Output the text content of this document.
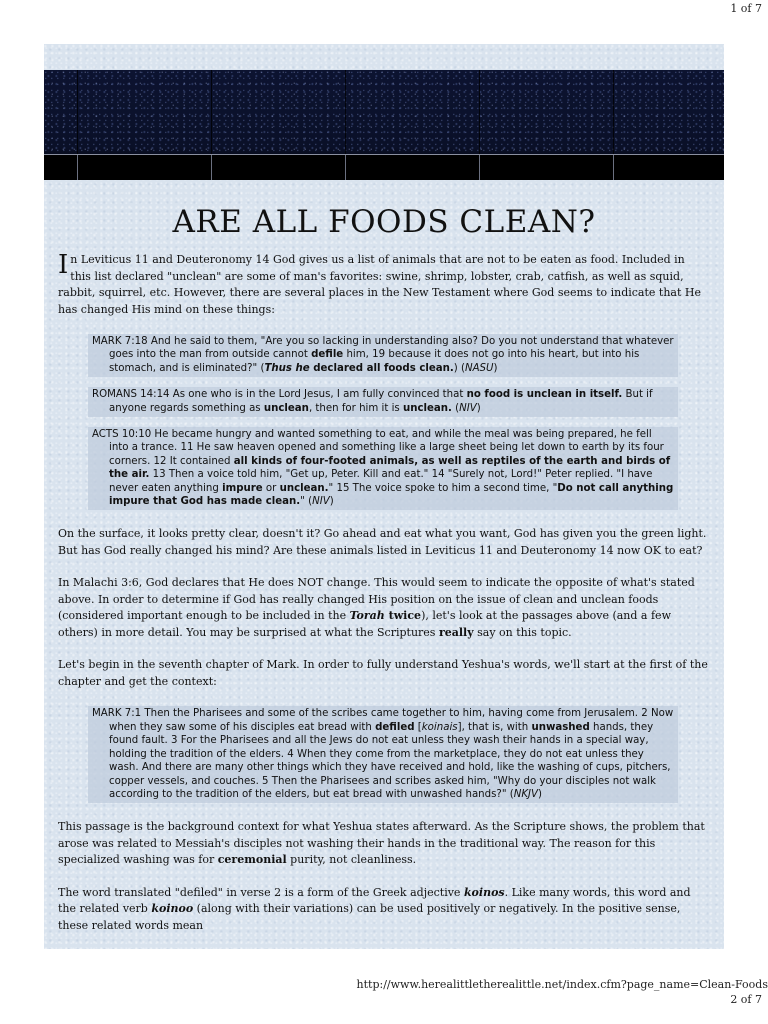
1 of 7
ARE ALL FOODS CLEAN?

In Leviticus 11 and Deuteronomy 14 God gives us a list of animals that are not to be eaten as food. Included in this list declared "unclean" are some of man's favorites: swine, shrimp, lobster, crab, catfish, as well as squid, rabbit, squirrel, etc. However, there are several places in the New Testament where God seems to indicate that He has changed His mind on these things:

MARK 7:18 And he said to them, "Are you so lacking in understanding also? Do you not understand that whatever goes into the man from outside cannot defile him, 19 because it does not go into his heart, but into his stomach, and is eliminated?" (Thus he declared all foods clean.) (NASU)
ROMANS 14:14 As one who is in the Lord Jesus, I am fully convinced that no food is unclean in itself. But if anyone regards something as unclean, then for him it is unclean. (NIV)
ACTS 10:10 He became hungry and wanted something to eat, and while the meal was being prepared, he fell into a trance. 11 He saw heaven opened and something like a large sheet being let down to earth by its four corners. 12 It contained all kinds of four-footed animals, as well as reptiles of the earth and birds of the air. 13 Then a voice told him, "Get up, Peter. Kill and eat." 14 "Surely not, Lord!" Peter replied. "I have never eaten anything impure or unclean." 15 The voice spoke to him a second time, "Do not call anything impure that God has made clean." (NIV)

On the surface, it looks pretty clear, doesn't it? Go ahead and eat what you want, God has given you the green light. But has God really changed his mind? Are these animals listed in Leviticus 11 and Deuteronomy 14 now OK to eat?

In Malachi 3:6, God declares that He does NOT change. This would seem to indicate the opposite of what's stated above. In order to determine if God has really changed His position on the issue of clean and unclean foods (considered important enough to be included in the Torah twice), let's look at the passages above (and a few others) in more detail. You may be surprised at what the Scriptures really say on this topic.

Let's begin in the seventh chapter of Mark. In order to fully understand Yeshua's words, we'll start at the first of the chapter and get the context:

MARK 7:1 Then the Pharisees and some of the scribes came together to him, having come from Jerusalem. 2 Now when they saw some of his disciples eat bread with defiled [koinais], that is, with unwashed hands, they found fault. 3 For the Pharisees and all the Jews do not eat unless they wash their hands in a special way, holding the tradition of the elders. 4 When they come from the marketplace, they do not eat unless they wash. And there are many other things which they have received and hold, like the washing of cups, pitchers, copper vessels, and couches. 5 Then the Pharisees and scribes asked him, "Why do your disciples not walk according to the tradition of the elders, but eat bread with unwashed hands?" (NKJV)

This passage is the background context for what Yeshua states afterward. As the Scripture shows, the problem that arose was related to Messiah's disciples not washing their hands in the traditional way. The reason for this specialized washing was for ceremonial purity, not cleanliness.

The word translated "defiled" in verse 2 is a form of the Greek adjective koinos. Like many words, this word and the related verb koinoo (along with their variations) can be used positively or negatively. In the positive sense, these related words mean

http://www.herealittletherealittle.net/index.cfm?page_name=Clean-Foods
2 of 7
